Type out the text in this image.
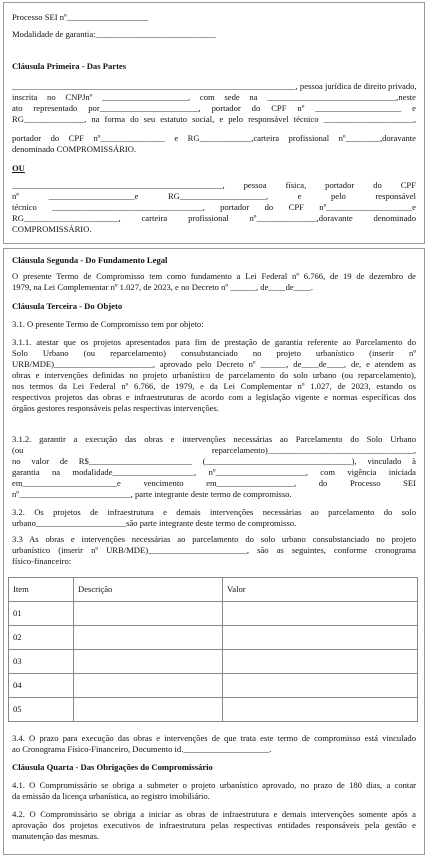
Processo SEI nº___________________
Modalidade de garantia:____________________________
Cláusula Primeira - Das Partes
__________________________________________________________________, pessoa jurídica de direito privado,
inscrita no CNPJnº ____________________, com sede na ______________________________,neste
ato representado por_______________________, portador do CPF nº ____________________ e
RG______________, na forma do seu estatuto social, e pelo responsável técnico _____________________,
portador do CPF nº_______________ e RG____________,carteira profissional nº________,doravante
denominado COMPROMISSÁRIO.
OU
_________________________________________________, pessoa física, portador do CPF
nº ____________________e RG____________________, e pelo responsável
técnico ___________________________________, portador do CPF nº____________________e
RG______________________, carteira profissional nº______________,doravante denominado
COMPROMISSÁRIO.
Cláusula Segunda - Do Fundamento Legal
O presente Termo de Compromisso tem como fundamento a Lei Federal nº 6.766, de 19 de dezembro de
1979, na Lei Complementar nº 1.027, de 2023, e no Decreto nº ______, de____de____.
Cláusula Terceira - Do Objeto
3.1. O presente Termo de Compromisso tem por objeto:
3.1.1. atestar que os projetos apresentados para fim de prestação de garantia referente ao Parcelamento do
Solo Urbano (ou reparcelamento) consubstanciado no projeto urbanístico (inserir nº
URB/MDE)_______________________, aprovado pelo Decreto nº ______, de____de____, de, e atendem as
obras e intervenções definidas no projeto urbanístico de parcelamento do solo urbano (ou reparcelamento),
nos termos da Lei Federal nº 6.766, de 1979, e da Lei Complementar nº 1.027, de 2023, estando os
respectivos projetos das obras e infraestruturas de acordo com a legislação vigente e normas específicas dos
órgãos gestores responsáveis pelas respectivas intervenções.
3.1.2. garantir a execução das obras e intervenções necessárias ao Parcelamento do Solo Urbano
(ou reparcelamento)__________________________________,
no valor de R$________________________ (__________________________________), vinculado à
garantia na modalidade___________________, nº_____________________, com vigência iniciada
em______________________e vencimento em__________________, do Processo SEI
nº__________________________, parte integrante deste termo de compromisso.
3.2. Os projetos de infraestrutura e demais intervenções necessárias ao parcelamento do solo
urbano_____________________são parte integrante deste termo de compromisso.
3.3 As obras e intervenções necessárias ao parcelamento do solo urbano consubstanciado no projeto
urbanístico (inserir nº URB/MDE)_______________________, são as seguintes, conforme cronograma
físico-financeiro:
Item	Descrição	Valor
01		
02		
03		
04		
05		
3.4. O prazo para execução das obras e intervenções de que trata este termo de compromisso está vinculado
ao Cronograma Físico-Financeiro, Documento id.____________________.
Cláusula Quarta - Das Obrigações do Compromissário
4.1. O Compromissário se obriga a submeter o projeto urbanístico aprovado, no prazo de 180 dias, a contar
da emissão da licença urbanística, ao registro imobiliário.
4.2. O Compromissário se obriga a iniciar as obras de infraestrutura e demais intervenções somente após a
aprovação dos projetos executivos de infraestrutura pelas respectivas entidades responsáveis pela gestão e
manutenção das mesmas.
